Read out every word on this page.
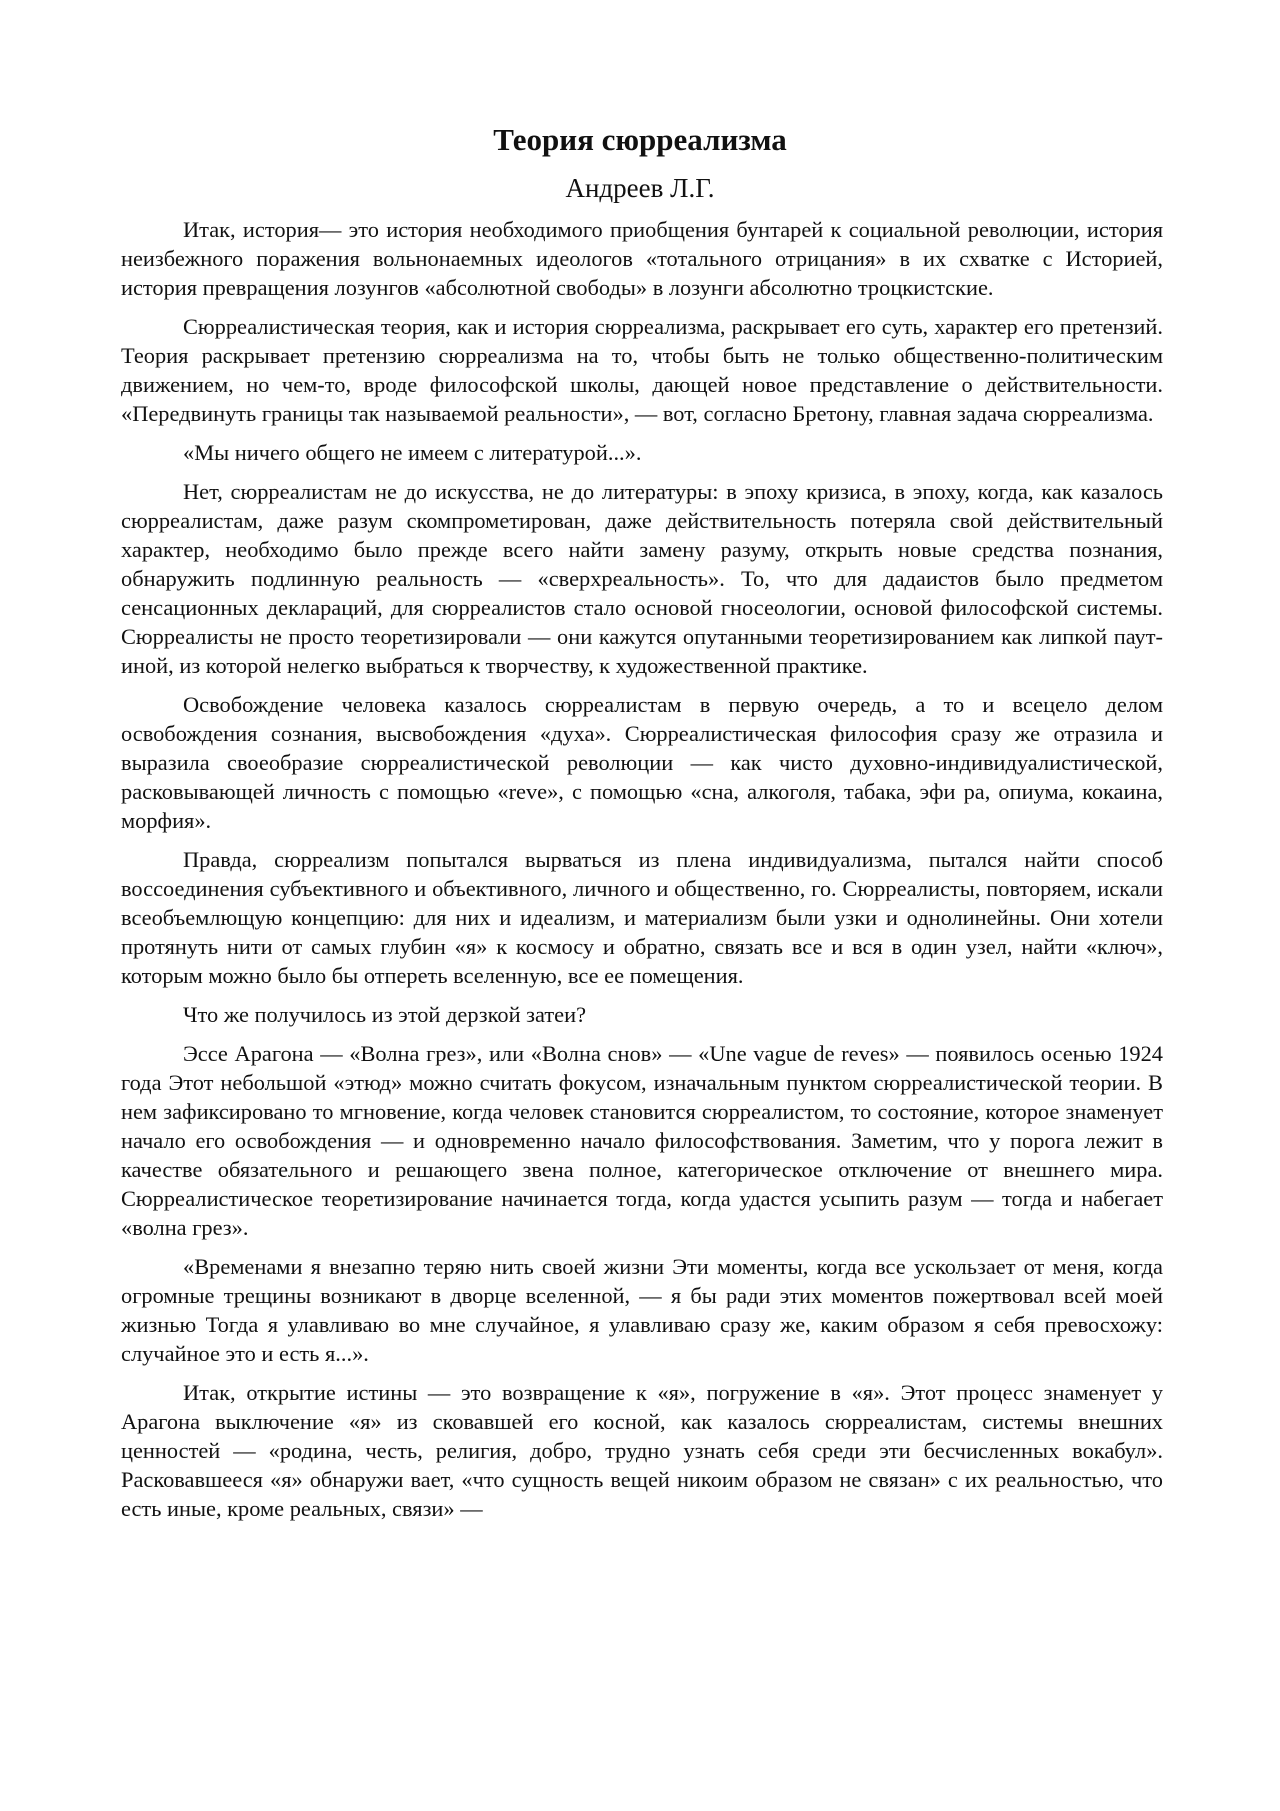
Теория сюрреализма
Андреев Л.Г.

Итак, история— это история необходимого приобщения бунтарей к социальной революции, история неизбежного поражения вольнонаемных идеологов «тотального отрицания» в их схватке с Историей, история превращения лозунгов «абсолютной свободы» в лозунги абсолютно троцкистские.

Сюрреалистическая теория, как и история сюрреализма, раскрывает его суть, характер его претензий. Теория раскрывает претензию сюрреализма на то, чтобы быть не только общественно-политическим движением, но чем-то, вроде философской школы, дающей новое представление о действительности. «Передвинуть границы так называемой реальности», — вот, согласно Бретону, главная задача сюрреализма.

«Мы ничего общего не имеем с литературой...».

Нет, сюрреалистам не до искусства, не до литературы: в эпоху кризиса, в эпоху, когда, как казалось сюрреалистам, даже разум скомпрометирован, даже действительность потеряла свой действительный характер, необходимо было прежде всего найти замену разуму, открыть новые средства познания, обнаружить подлинную реальность — «сверхреальность». То, что для дадаистов было предметом сенсационных деклараций, для сюрреалистов стало основой гносеологии, основой философской системы. Сюрреалисты не просто теоретизировали — они кажутся опутанными теоретизированием как липкой паут-иной, из которой нелегко выбраться к творчеству, к художественной практике.

Освобождение человека казалось сюрреалистам в первую очередь, а то и всецело делом освобождения сознания, высвобождения «духа». Сюрреалистическая философия сразу же отразила и выразила своеобразие сюрреалистической революции — как чисто духовно-индивидуалистической, расковывающей личность с помощью «reve», с помощью «сна, алкоголя, табака, эфи ра, опиума, кокаина, морфия».

Правда, сюрреализм попытался вырваться из плена индивидуализма, пытался найти способ воссоединения субъективного и объективного, личного и общественно, го. Сюрреалисты, повторяем, искали всеобъемлющую концепцию: для них и идеализм, и материализм были узки и однолинейны. Они хотели протянуть нити от самых глубин «я» к космосу и обратно, связать все и вся в один узел, найти «ключ», которым можно было бы отпереть вселенную, все ее помещения.

Что же получилось из этой дерзкой затеи?

Эссе Арагона — «Волна грез», или «Волна снов» — «Une vague de reves» — появилось осенью 1924 года Этот небольшой «этюд» можно считать фокусом, изначальным пунктом сюрреалистической теории. В нем зафиксировано то мгновение, когда человек становится сюрреалистом, то состояние, которое знаменует начало его освобождения — и одновременно начало философствования. Заметим, что у порога лежит в качестве обязательного и решающего звена полное, категорическое отключение от внешнего мира. Сюрреалистическое теоретизирование начинается тогда, когда удастся усыпить разум — тогда и набегает «волна грез».

«Временами я внезапно теряю нить своей жизни Эти моменты, когда все ускользает от меня, когда огромные трещины возникают в дворце вселенной, — я бы ради этих моментов пожертвовал всей моей жизнью Тогда я улавливаю во мне случайное, я улавливаю сразу же, каким образом я себя превосхожу: случайное это и есть я...».

Итак, открытие истины — это возвращение к «я», погружение в «я». Этот процесс знаменует у Арагона выключение «я» из сковавшей его косной, как казалось сюрреалистам, системы внешних ценностей — «родина, честь, религия, добро, трудно узнать себя среди эти бесчисленных вокабул». Расковавшееся «я» обнаружи вает, «что сущность вещей никоим образом не связан» с их реальностью, что есть иные, кроме реальных, связи» —
